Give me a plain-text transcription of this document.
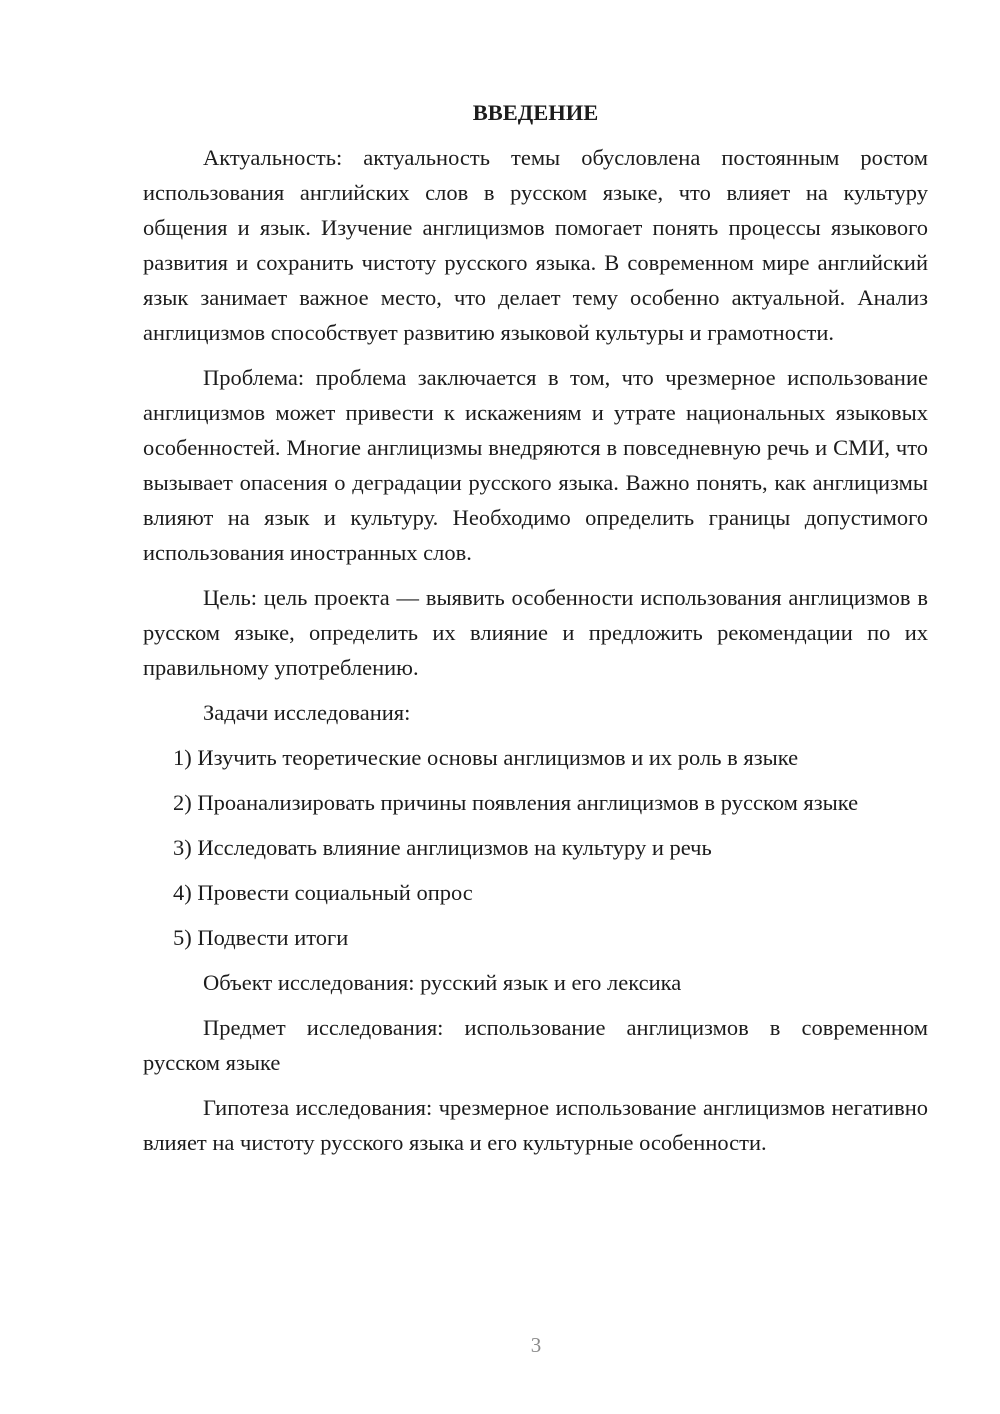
ВВЕДЕНИЕ

Актуальность: актуальность темы обусловлена постоянным ростом использования английских слов в русском языке, что влияет на культуру общения и язык. Изучение англицизмов помогает понять процессы языкового развития и сохранить чистоту русского языка. В современном мире английский язык занимает важное место, что делает тему особенно актуальной. Анализ англицизмов способствует развитию языковой культуры и грамотности.

Проблема: проблема заключается в том, что чрезмерное использование англицизмов может привести к искажениям и утрате национальных языковых особенностей. Многие англицизмы внедряются в повседневную речь и СМИ, что вызывает опасения о деградации русского языка. Важно понять, как англицизмы влияют на язык и культуру. Необходимо определить границы допустимого использования иностранных слов.

Цель: цель проекта — выявить особенности использования англицизмов в русском языке, определить их влияние и предложить рекомендации по их правильному употреблению.

Задачи исследования:

1) Изучить теоретические основы англицизмов и их роль в языке

2) Проанализировать причины появления англицизмов в русском языке

3) Исследовать влияние англицизмов на культуру и речь

4) Провести социальный опрос

5) Подвести итоги

Объект исследования: русский язык и его лексика

Предмет исследования: использование англицизмов в современном русском языке

Гипотеза исследования: чрезмерное использование англицизмов негативно влияет на чистоту русского языка и его культурные особенности.

3
